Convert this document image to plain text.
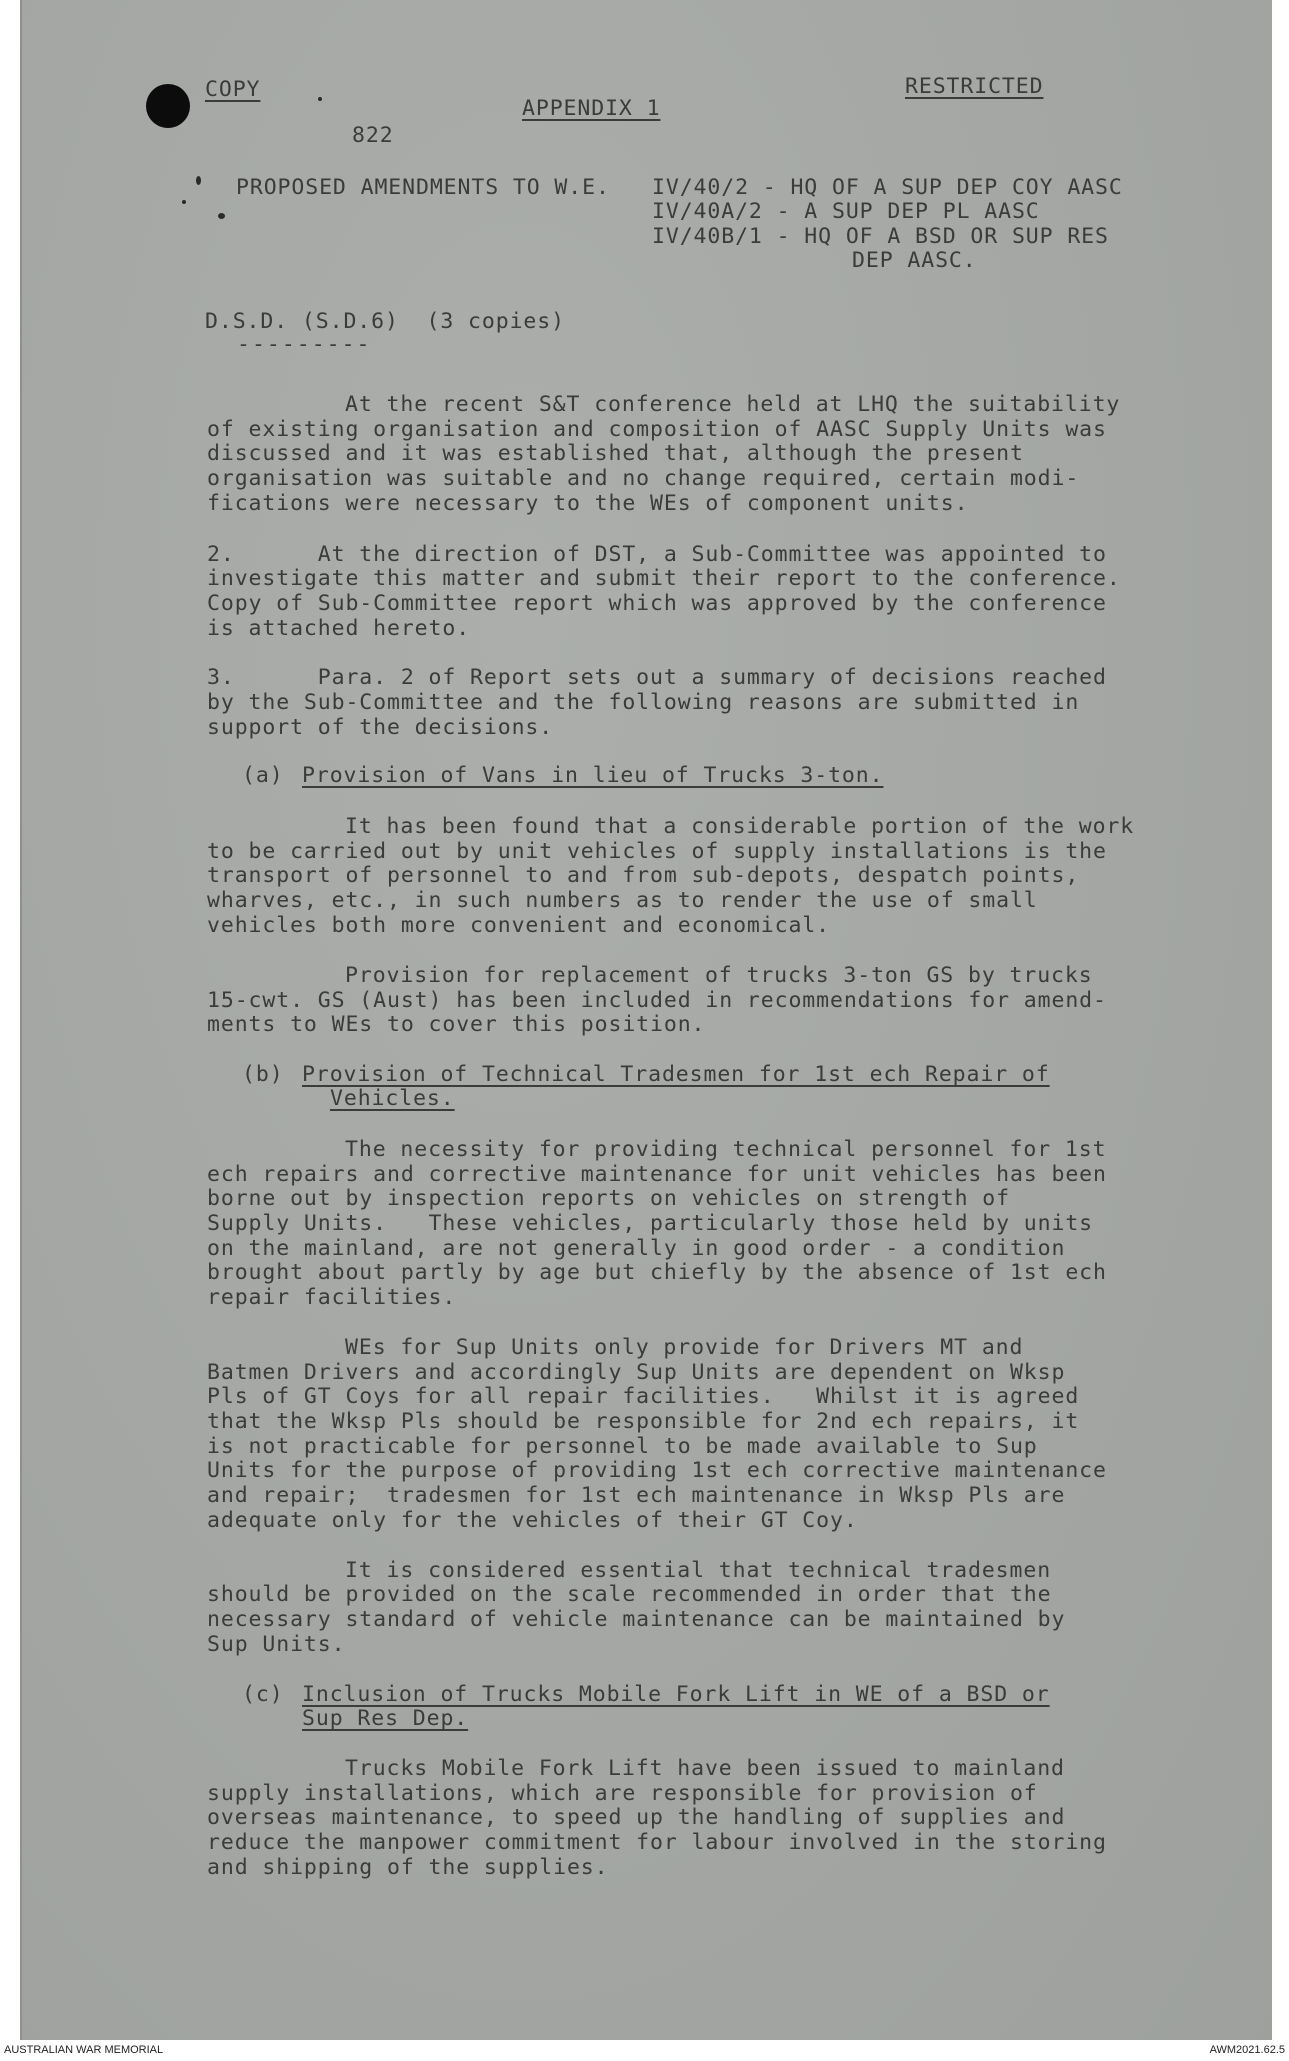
COPY
APPENDIX 1
RESTRICTED
822
PROPOSED AMENDMENTS TO W.E. IV/40/2 - HQ OF A SUP DEP COY AASC
IV/40A/2 - A SUP DEP PL AASC
IV/40B/1 - HQ OF A BSD OR SUP RES
DEP AASC.
D.S.D. (S.D.6)  (3 copies)
---------
At the recent S&T conference held at LHQ the suitability
of existing organisation and composition of AASC Supply Units was
discussed and it was established that, although the present
organisation was suitable and no change required, certain modi-
fications were necessary to the WEs of component units.
2.      At the direction of DST, a Sub-Committee was appointed to
investigate this matter and submit their report to the conference.
Copy of Sub-Committee report which was approved by the conference
is attached hereto.
3.      Para. 2 of Report sets out a summary of decisions reached
by the Sub-Committee and the following reasons are submitted in
support of the decisions.
(a) Provision of Vans in lieu of Trucks 3-ton.
It has been found that a considerable portion of the work
to be carried out by unit vehicles of supply installations is the
transport of personnel to and from sub-depots, despatch points,
wharves, etc., in such numbers as to render the use of small
vehicles both more convenient and economical.
Provision for replacement of trucks 3-ton GS by trucks
15-cwt. GS (Aust) has been included in recommendations for amend-
ments to WEs to cover this position.
(b) Provision of Technical Tradesmen for 1st ech Repair of
Vehicles.
The necessity for providing technical personnel for 1st
ech repairs and corrective maintenance for unit vehicles has been
borne out by inspection reports on vehicles on strength of
Supply Units.   These vehicles, particularly those held by units
on the mainland, are not generally in good order - a condition
brought about partly by age but chiefly by the absence of 1st ech
repair facilities.
WEs for Sup Units only provide for Drivers MT and
Batmen Drivers and accordingly Sup Units are dependent on Wksp
Pls of GT Coys for all repair facilities.   Whilst it is agreed
that the Wksp Pls should be responsible for 2nd ech repairs, it
is not practicable for personnel to be made available to Sup
Units for the purpose of providing 1st ech corrective maintenance
and repair;  tradesmen for 1st ech maintenance in Wksp Pls are
adequate only for the vehicles of their GT Coy.
It is considered essential that technical tradesmen
should be provided on the scale recommended in order that the
necessary standard of vehicle maintenance can be maintained by
Sup Units.
(c) Inclusion of Trucks Mobile Fork Lift in WE of a BSD or
Sup Res Dep.
Trucks Mobile Fork Lift have been issued to mainland
supply installations, which are responsible for provision of
overseas maintenance, to speed up the handling of supplies and
reduce the manpower commitment for labour involved in the storing
and shipping of the supplies.
AUSTRALIAN WAR MEMORIAL	AWM2021.62.5
